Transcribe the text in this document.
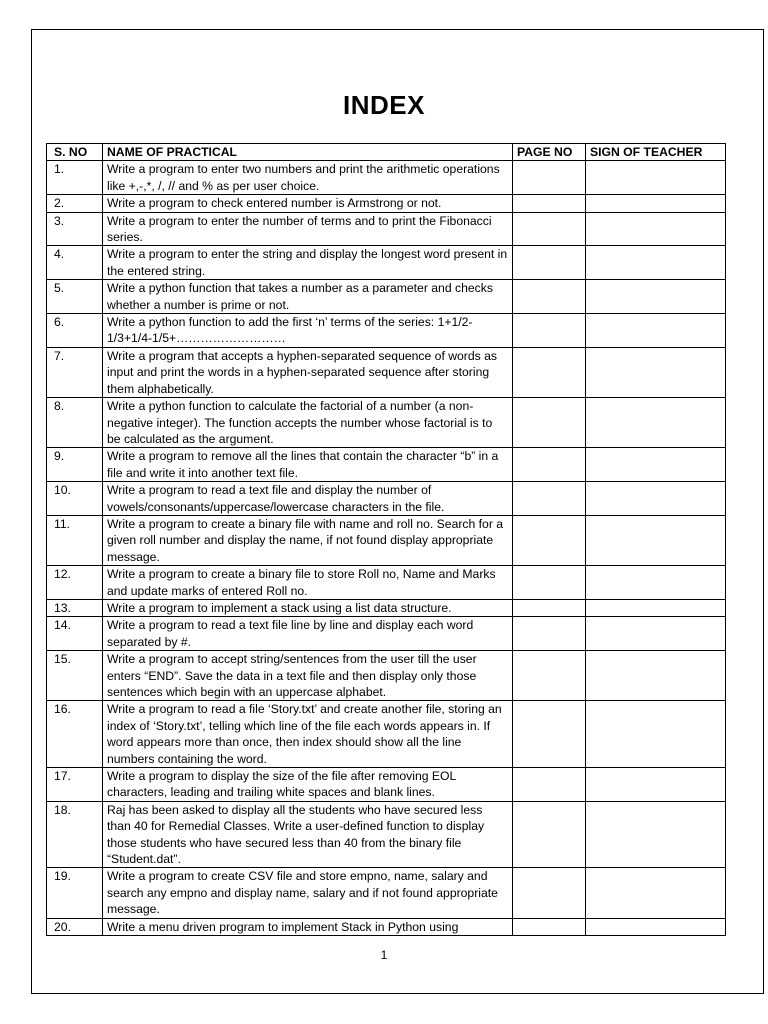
INDEX
S. NO	NAME OF PRACTICAL	PAGE NO	SIGN OF TEACHER
1.	Write a program to enter two numbers and print the arithmetic operations like +,-,*, /, // and % as per user choice.		
2.	Write a program to check entered number is Armstrong or not.		
3.	Write a program to enter the number of terms and to print the Fibonacci series.		
4.	Write a program to enter the string and display the longest word present in the entered string.		
5.	Write a python function that takes a number as a parameter and checks whether a number is prime or not.		
6.	Write a python function to add the first ‘n’ terms of the series: 1+1/2-1/3+1/4-1/5+………………………		
7.	Write a program that accepts a hyphen-separated sequence of words as input and print the words in a hyphen-separated sequence after storing them alphabetically.		
8.	Write a python function to calculate the factorial of a number (a non-negative integer). The function accepts the number whose factorial is to be calculated as the argument.		
9.	Write a program to remove all the lines that contain the character “b” in a file and write it into another text file.		
10.	Write a program to read a text file and display the number of vowels/consonants/uppercase/lowercase characters in the file.		
11.	Write a program to create a binary file with name and roll no. Search for a given roll number and display the name, if not found display appropriate message.		
12.	Write a program to create a binary file to store Roll no, Name and Marks and update marks of entered Roll no.		
13.	Write a program to implement a stack using a list data structure.		
14.	Write a program to read a text file line by line and display each word separated by #.		
15.	Write a program to accept string/sentences from the user till the user enters “END”. Save the data in a text file and then display only those sentences which begin with an uppercase alphabet.		
16.	Write a program to read a file ‘Story.txt’ and create another file, storing an index of ‘Story.txt’, telling which line of the file each words appears in. If word appears more than once, then index should show all the line numbers containing the word.		
17.	Write a program to display the size of the file after removing EOL characters, leading and trailing white spaces and blank lines.		
18.	Raj has been asked to display all the students who have secured less than 40 for Remedial Classes. Write a user-defined function to display those students who have secured less than 40 from the binary file “Student.dat”.		
19.	Write a program to create CSV file and store empno, name, salary and search any empno and display name, salary and if not found appropriate message.		
20.	Write a menu driven program to implement Stack in Python using		
1
